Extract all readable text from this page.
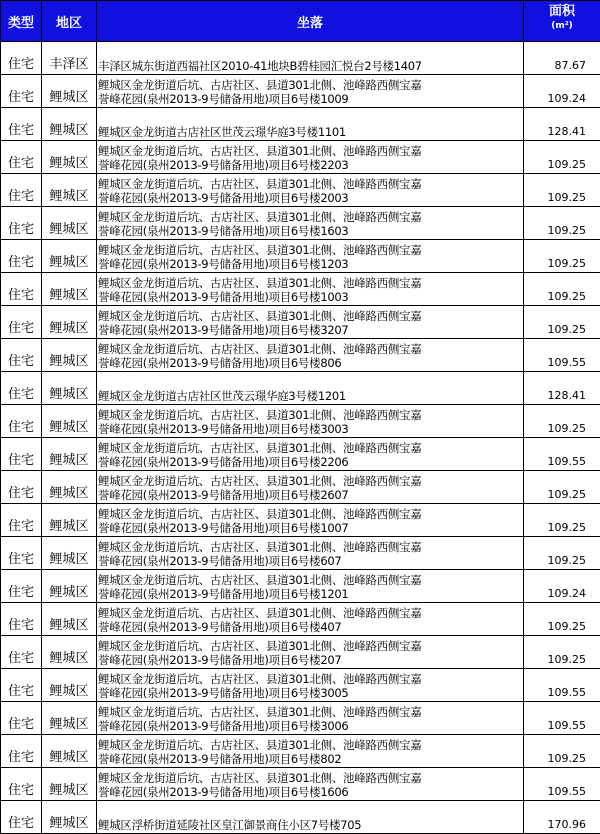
类型	地区	坐落	面积
(m²)

住宅	丰泽区	丰泽区城东街道西福社区2010-41地块B碧桂园汇悦台2号楼1407	87.67
住宅	鲤城区	鲤城区金龙街道后坑、古店社区、县道301北侧、池峰路西侧宝嘉
誉峰花园(泉州2013-9号储备用地)项目6号楼1009	109.24
住宅	鲤城区	鲤城区金龙街道古店社区世茂云璟华庭3号楼1101	128.41
住宅	鲤城区	鲤城区金龙街道后坑、古店社区、县道301北侧、池峰路西侧宝嘉
誉峰花园(泉州2013-9号储备用地)项目6号楼2203	109.25
住宅	鲤城区	鲤城区金龙街道后坑、古店社区、县道301北侧、池峰路西侧宝嘉
誉峰花园(泉州2013-9号储备用地)项目6号楼2003	109.25
住宅	鲤城区	鲤城区金龙街道后坑、古店社区、县道301北侧、池峰路西侧宝嘉
誉峰花园(泉州2013-9号储备用地)项目6号楼1603	109.25
住宅	鲤城区	鲤城区金龙街道后坑、古店社区、县道301北侧、池峰路西侧宝嘉
誉峰花园(泉州2013-9号储备用地)项目6号楼1203	109.25
住宅	鲤城区	鲤城区金龙街道后坑、古店社区、县道301北侧、池峰路西侧宝嘉
誉峰花园(泉州2013-9号储备用地)项目6号楼1003	109.25
住宅	鲤城区	鲤城区金龙街道后坑、古店社区、县道301北侧、池峰路西侧宝嘉
誉峰花园(泉州2013-9号储备用地)项目6号楼3207	109.25
住宅	鲤城区	鲤城区金龙街道后坑、古店社区、县道301北侧、池峰路西侧宝嘉
誉峰花园(泉州2013-9号储备用地)项目6号楼806	109.55
住宅	鲤城区	鲤城区金龙街道古店社区世茂云璟华庭3号楼1201	128.41
住宅	鲤城区	鲤城区金龙街道后坑、古店社区、县道301北侧、池峰路西侧宝嘉
誉峰花园(泉州2013-9号储备用地)项目6号楼3003	109.25
住宅	鲤城区	鲤城区金龙街道后坑、古店社区、县道301北侧、池峰路西侧宝嘉
誉峰花园(泉州2013-9号储备用地)项目6号楼2206	109.55
住宅	鲤城区	鲤城区金龙街道后坑、古店社区、县道301北侧、池峰路西侧宝嘉
誉峰花园(泉州2013-9号储备用地)项目6号楼2607	109.25
住宅	鲤城区	鲤城区金龙街道后坑、古店社区、县道301北侧、池峰路西侧宝嘉
誉峰花园(泉州2013-9号储备用地)项目6号楼1007	109.25
住宅	鲤城区	鲤城区金龙街道后坑、古店社区、县道301北侧、池峰路西侧宝嘉
誉峰花园(泉州2013-9号储备用地)项目6号楼607	109.25
住宅	鲤城区	鲤城区金龙街道后坑、古店社区、县道301北侧、池峰路西侧宝嘉
誉峰花园(泉州2013-9号储备用地)项目6号楼1201	109.24
住宅	鲤城区	鲤城区金龙街道后坑、古店社区、县道301北侧、池峰路西侧宝嘉
誉峰花园(泉州2013-9号储备用地)项目6号楼407	109.25
住宅	鲤城区	鲤城区金龙街道后坑、古店社区、县道301北侧、池峰路西侧宝嘉
誉峰花园(泉州2013-9号储备用地)项目6号楼207	109.25
住宅	鲤城区	鲤城区金龙街道后坑、古店社区、县道301北侧、池峰路西侧宝嘉
誉峰花园(泉州2013-9号储备用地)项目6号楼3005	109.55
住宅	鲤城区	鲤城区金龙街道后坑、古店社区、县道301北侧、池峰路西侧宝嘉
誉峰花园(泉州2013-9号储备用地)项目6号楼3006	109.55
住宅	鲤城区	鲤城区金龙街道后坑、古店社区、县道301北侧、池峰路西侧宝嘉
誉峰花园(泉州2013-9号储备用地)项目6号楼802	109.25
住宅	鲤城区	鲤城区金龙街道后坑、古店社区、县道301北侧、池峰路西侧宝嘉
誉峰花园(泉州2013-9号储备用地)项目6号楼1606	109.55
住宅	鲤城区	鲤城区浮桥街道延陵社区皇江御景商住小区7号楼705	170.96
